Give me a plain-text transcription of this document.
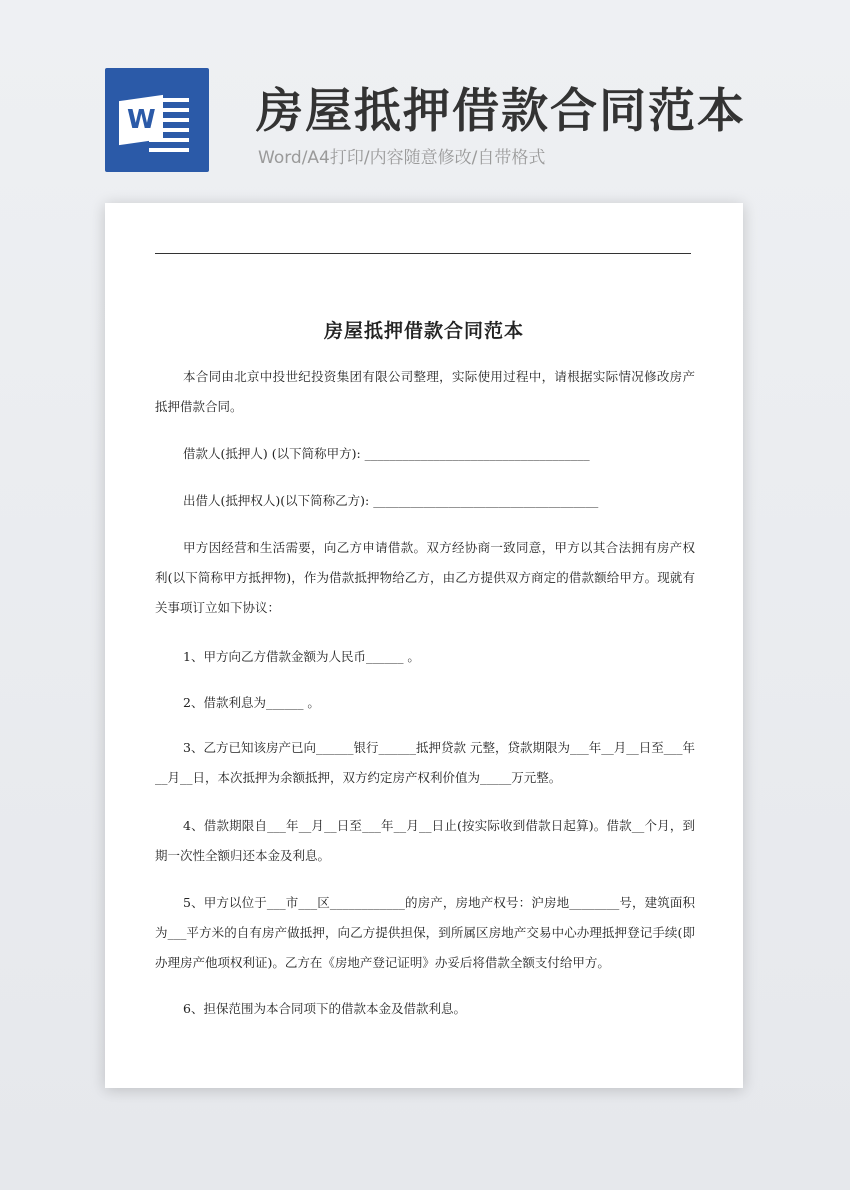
W 房屋抵押借款合同范本
Word/A4打印/内容随意修改/自带格式
房屋抵押借款合同范本

本合同由北京中投世纪投资集团有限公司整理，实际使用过程中，请根据实际情况修改房产抵押借款合同。

借款人(抵押人) (以下简称甲方): ____________________________________

出借人(抵押权人)(以下简称乙方): ____________________________________

甲方因经营和生活需要，向乙方申请借款。双方经协商一致同意，甲方以其合法拥有房产权利(以下简称甲方抵押物)，作为借款抵押物给乙方，由乙方提供双方商定的借款额给甲方。现就有关事项订立如下协议：

1、甲方向乙方借款金额为人民币______ 。

2、借款利息为______ 。

3、乙方已知该房产已向______银行______抵押贷款 元整，贷款期限为___年__月__日至___年__月__日，本次抵押为余额抵押，双方约定房产权利价值为_____万元整。

4、借款期限自___年__月__日至___年__月__日止(按实际收到借款日起算)。借款__个月，到期一次性全额归还本金及利息。

5、甲方以位于___市___区____________的房产，房地产权号：沪房地________号，建筑面积为___平方米的自有房产做抵押，向乙方提供担保，到所属区房地产交易中心办理抵押登记手续(即办理房产他项权利证)。乙方在《房地产登记证明》办妥后将借款全额支付给甲方。

6、担保范围为本合同项下的借款本金及借款利息。
